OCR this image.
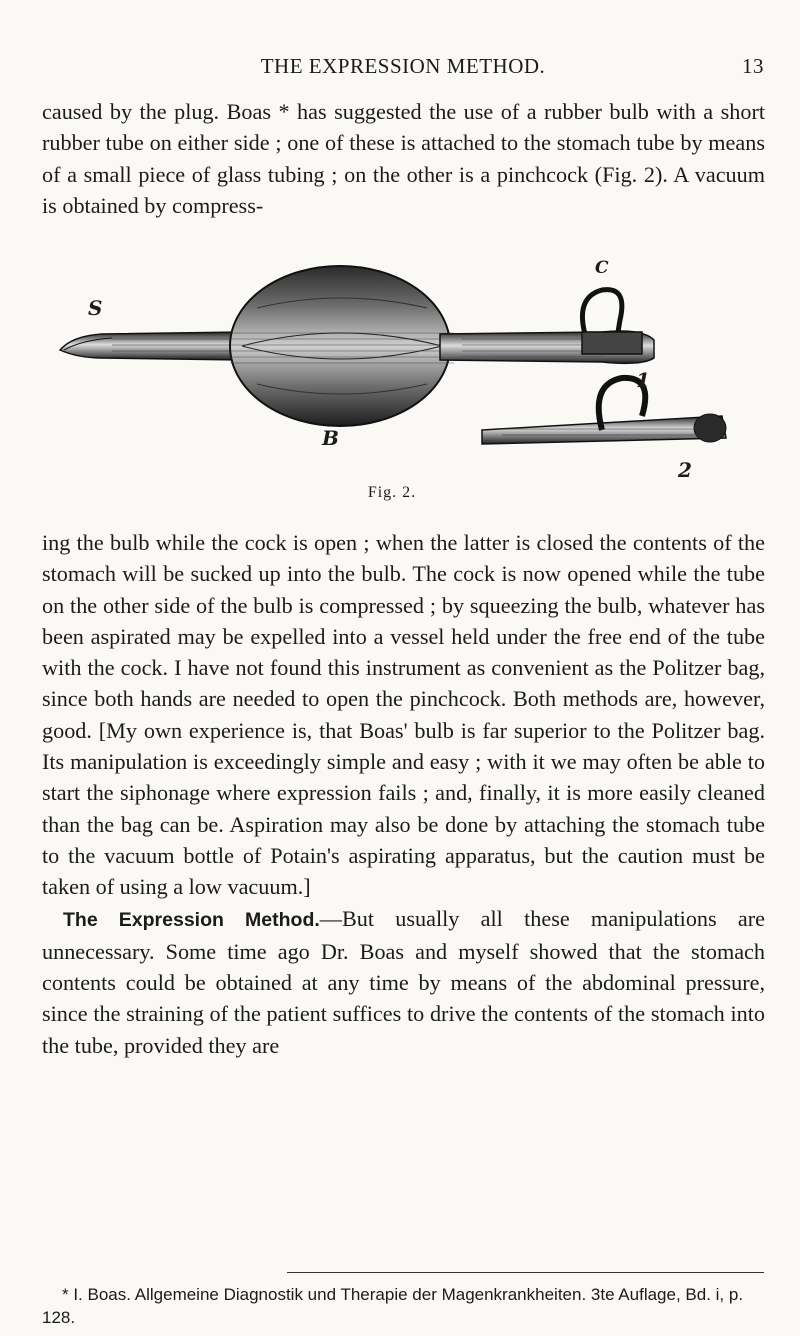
THE EXPRESSION METHOD.	13

caused by the plug. Boas * has suggested the use of a rubber bulb with a short rubber tube on either side ; one of these is attached to the stomach tube by means of a small piece of glass tubing ; on the other is a pinchcock (Fig. 2). A vacuum is obtained by compress-

S
B
C
1
2
Fig. 2.

ing the bulb while the cock is open ; when the latter is closed the contents of the stomach will be sucked up into the bulb. The cock is now opened while the tube on the other side of the bulb is compressed ; by squeezing the bulb, whatever has been aspirated may be expelled into a vessel held under the free end of the tube with the cock. I have not found this instrument as convenient as the Politzer bag, since both hands are needed to open the pinchcock. Both methods are, however, good. [My own experience is, that Boas' bulb is far superior to the Politzer bag. Its manipulation is exceedingly simple and easy ; with it we may often be able to start the siphonage where expression fails ; and, finally, it is more easily cleaned than the bag can be. Aspiration may also be done by attaching the stomach tube to the vacuum bottle of Potain's aspirating apparatus, but the caution must be taken of using a low vacuum.]

The Expression Method.—But usually all these manipulations are unnecessary. Some time ago Dr. Boas and myself showed that the stomach contents could be obtained at any time by means of the abdominal pressure, since the straining of the patient suffices to drive the contents of the stomach into the tube, provided they are

* I. Boas. Allgemeine Diagnostik und Therapie der Magenkrankheiten. 3te Auflage, Bd. i, p. 128.
